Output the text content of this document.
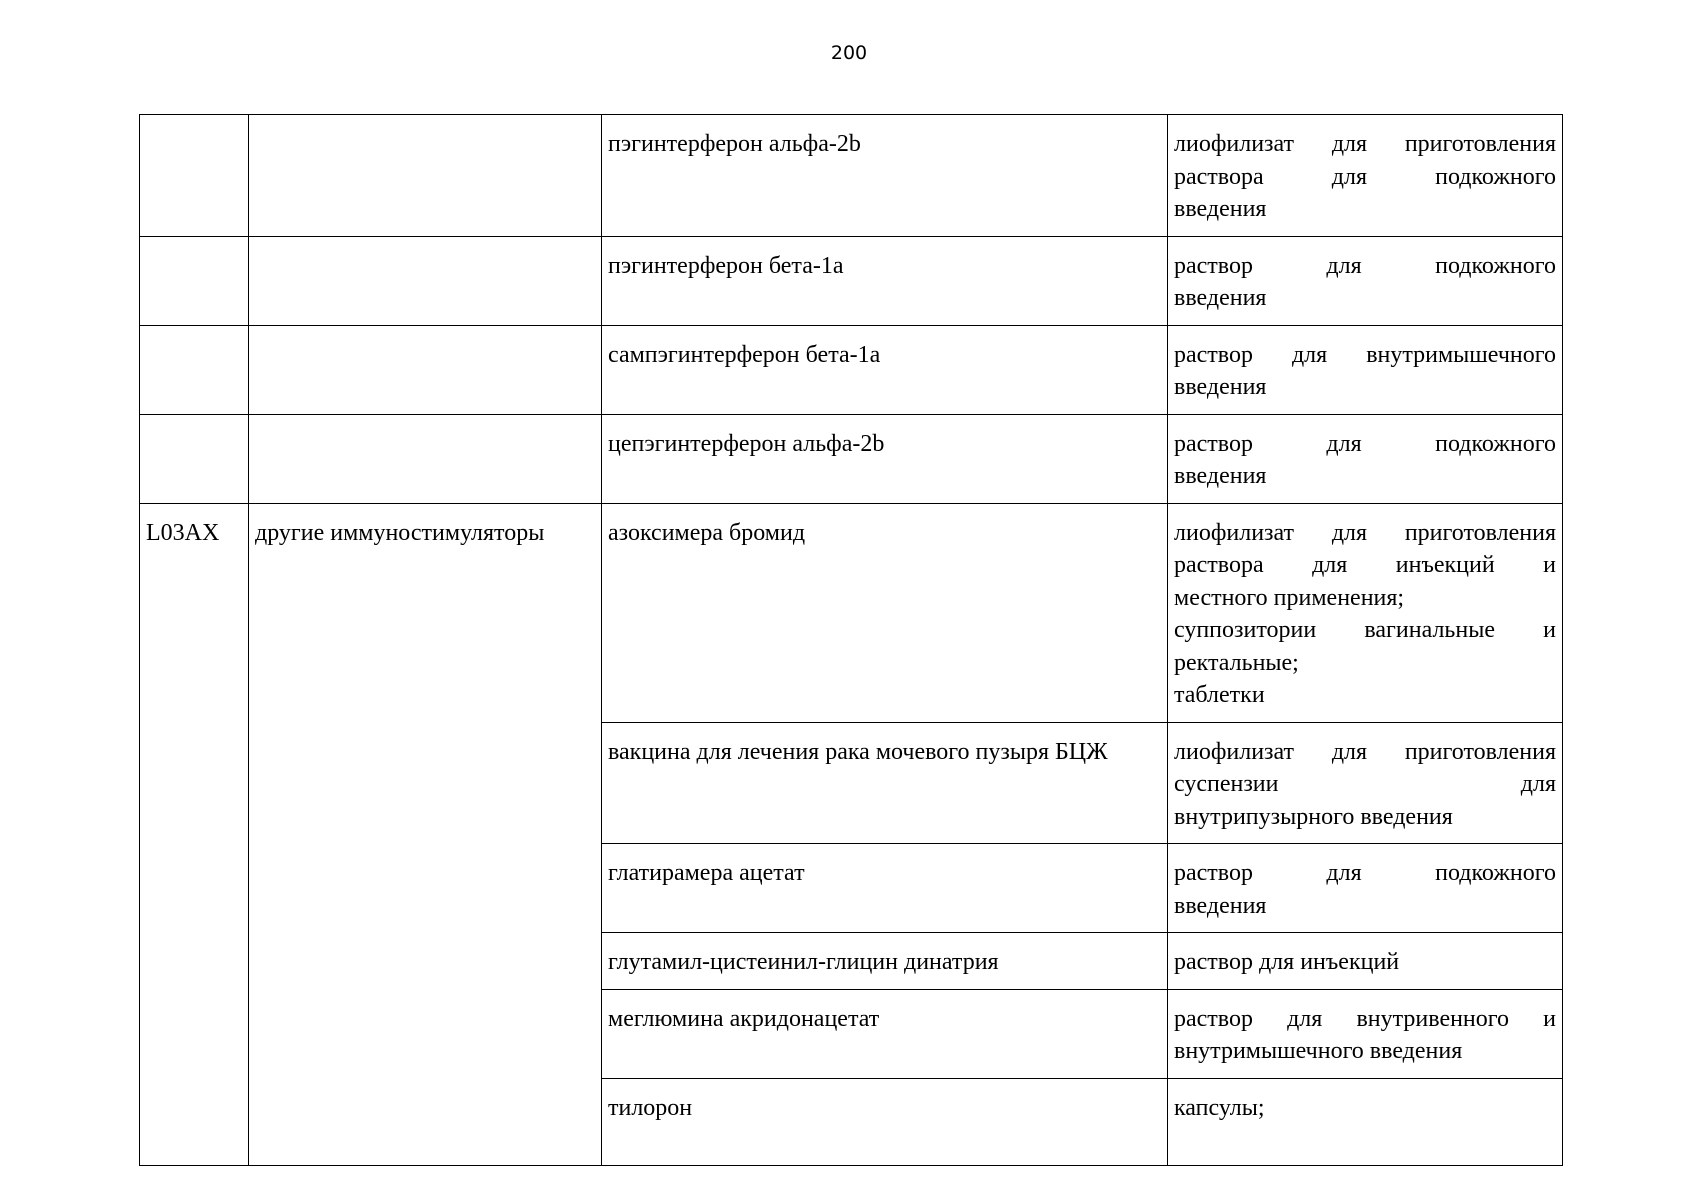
200
		пэгинтерферон альфа-2b	лиофилизат для приготовления раствора для подкожного
введения

		пэгинтерферон бета-1a	раствор для подкожного
введения

		сампэгинтерферон бета-1a	раствор для внутримышечного
введения

		цепэгинтерферон альфа-2b	раствор для подкожного
введения

L03AX	другие иммуностимуляторы	азоксимера бромид	лиофилизат для приготовления раствора для инъекций и
местного применения;
суппозитории вагинальные и
ректальные;
таблетки

		вакцина для лечения рака мочевого пузыря БЦЖ	лиофилизат для приготовления суспензии для
внутрипузырного введения

		глатирамера ацетат	раствор для подкожного
введения

		глутамил-цистеинил-глицин динатрия	раствор для инъекций

		меглюмина акридонацетат	раствор для внутривенного и
внутримышечного введения

		тилорон	капсулы;
